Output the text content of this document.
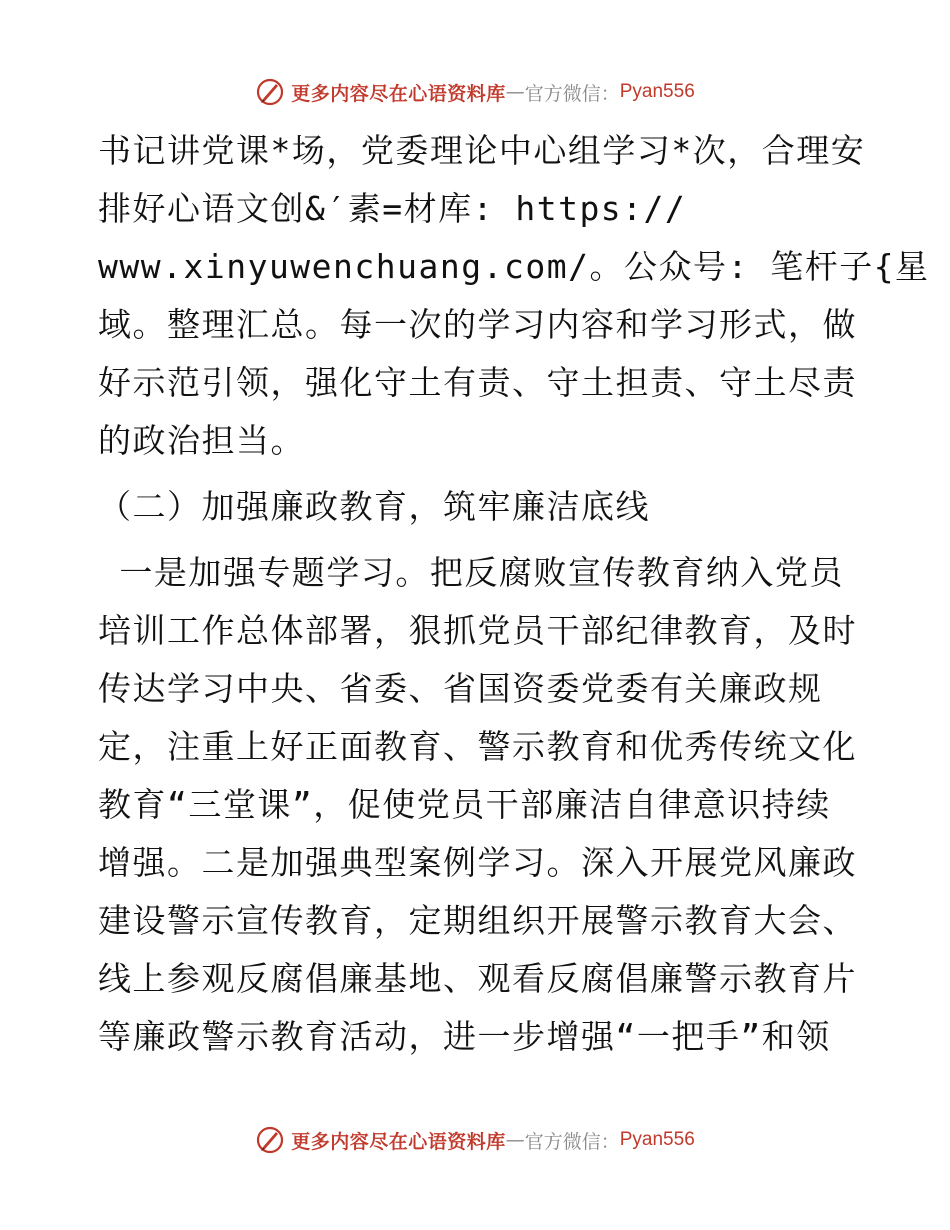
更多内容尽在心语资料库 — 官方微信： Pyan556
书记讲党课*场，党委理论中心组学习*次，合理安
排好心语文创&′素=材库: https://
www.xinyuwenchuang.com/。公众号: 笔杆子{星
域。整理汇总。每一次的学习内容和学习形式，做
好示范引领，强化守土有责、守土担责、守土尽责
的政治担当。
（二）加强廉政教育，筑牢廉洁底线
一是加强专题学习。把反腐败宣传教育纳入党员
培训工作总体部署，狠抓党员干部纪律教育，及时
传达学习中央、省委、省国资委党委有关廉政规
定，注重上好正面教育、警示教育和优秀传统文化
教育“三堂课”，促使党员干部廉洁自律意识持续
增强。二是加强典型案例学习。深入开展党风廉政
建设警示宣传教育，定期组织开展警示教育大会、
线上参观反腐倡廉基地、观看反腐倡廉警示教育片
等廉政警示教育活动，进一步增强“一把手”和领
更多内容尽在心语资料库 — 官方微信： Pyan556
